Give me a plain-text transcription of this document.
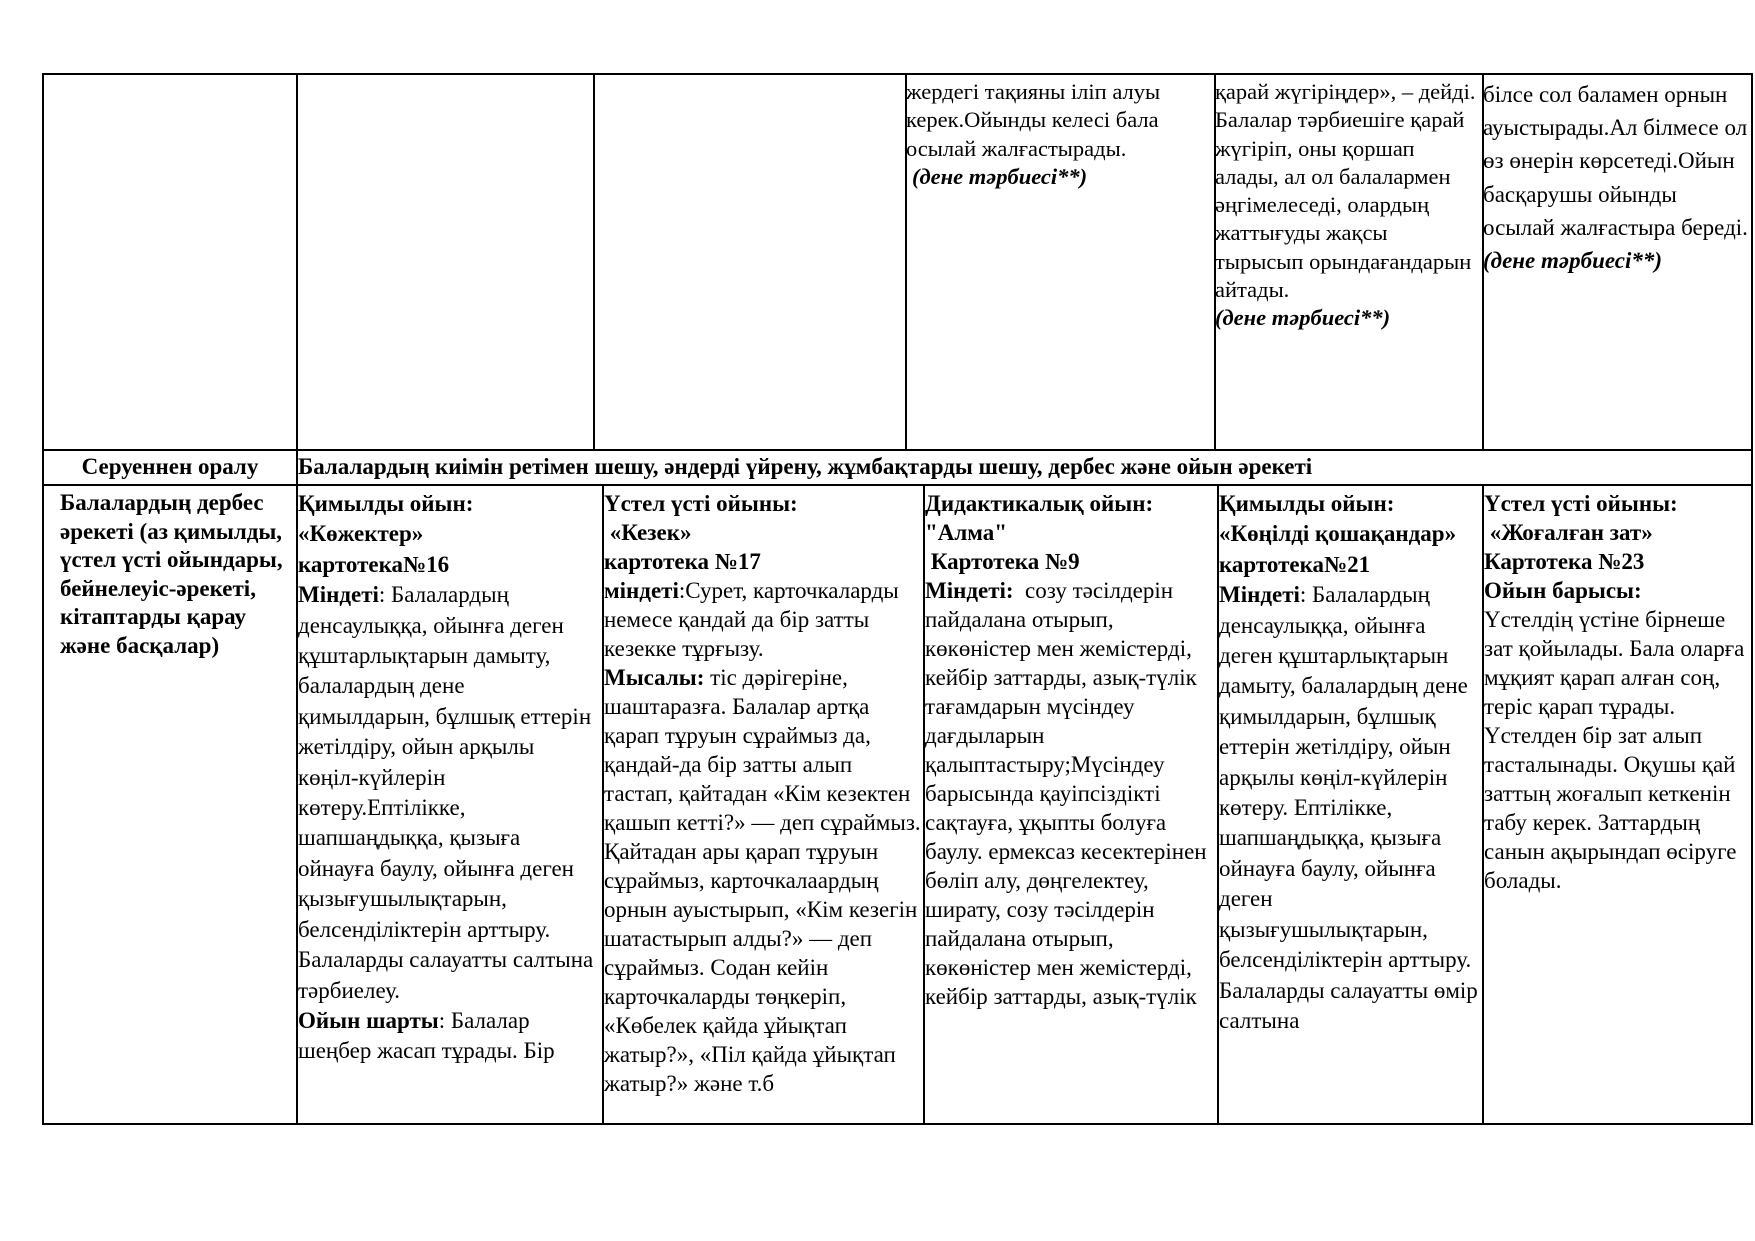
жердегі тақияны іліп алуы керек.Ойынды келесі бала осылай жалғастырады.

(дене тәрбиесі**)

қарай жүгіріңдер», – дейді. Балалар тәрбиешіге қарай жүгіріп, оны қоршап алады, ал ол балалармен әңгімелеседі, олардың жаттығуды жақсы тырысып орындағандарын айтады.

(дене тәрбиесі**)

білсе сол баламен орнын ауыстырады.Ал білмесе ол өз өнерін көрсетеді.Ойын басқарушы ойынды осылай жалғастыра береді.

(дене тәрбиесі**)

Серуеннен оралу	Балалардың киімін ретімен шешу, әндерді үйрену, жұмбақтарды шешу, дербес және ойын әрекеті
Балалардың дербес әрекеті (аз қимылды, үстел үсті ойындары, бейнелеуіс-әрекеті, кітаптарды қарау және басқалар)

Қимылды ойын:

«Көжектер»

картотека№16

Міндеті: Балалардың денсаулыққа, ойынға деген құштарлықтарын дамыту, балалардың дене қимылдарын, бұлшық еттерін жетілдіру, ойын арқылы көңіл-күйлерін көтеру.Ептілікке, шапшаңдыққа, қызыға ойнауға баулу, ойынға деген қызығушылықтарын, белсенділіктерін арттыру. Балаларды салауатты салтына тәрбиелеу.

Ойын шарты: Балалар шеңбер жасап тұрады. Бір

Үстел үсті ойыны:

«Кезек»

картотека №17

міндеті:Сурет, карточкаларды немесе қандай да бір затты кезекке тұрғызу.

Мысалы: тіс дәрігеріне, шаштаразға. Балалар артқа қарап тұруын сұраймыз да, қандай-да бір затты алып тастап, қайтадан «Кім кезектен қашып кетті?» — деп сұраймыз.

Қайтадан ары қарап тұруын сұраймыз, карточкалаардың орнын ауыстырып, «Кім кезегін шатастырып алды?» — деп сұраймыз. Содан кейін карточкаларды төңкеріп, «Көбелек қайда ұйықтап жатыр?», «Піл қайда ұйықтап жатыр?» және т.б

Дидактикалық ойын:

"Алма"

Картотека №9

Міндеті:  созу тәсілдерін пайдалана отырып, көкөністер мен жемістерді, кейбір заттарды, азық-түлік тағамдарын мүсіндеу дағдыларын қалыптастыру;Мүсіндеу барысында қауіпсіздікті сақтауға, ұқыпты болуға баулу. ермексаз кесектерінен бөліп алу, дөңгелектеу, ширату, созу тәсілдерін пайдалана отырып, көкөністер мен жемістерді, кейбір заттарды, азық-түлік

Қимылды ойын:

«Көңілді қошақандар»

картотека№21

Міндеті: Балалардың денсаулыққа, ойынға деген құштарлықтарын дамыту, балалардың дене қимылдарын, бұлшық еттерін жетілдіру, ойын арқылы көңіл-күйлерін көтеру. Ептілікке, шапшаңдыққа, қызыға ойнауға баулу, ойынға деген қызығушылықтарын, белсенділіктерін арттыру. Балаларды салауатты өмір салтына

Үстел үсті ойыны:

«Жоғалған зат»

Картотека №23

Ойын барысы:

Үстелдің үстіне бірнеше зат қойылады. Бала оларға мұқият қарап алған соң, теріс қарап тұрады. Үстелден бір зат алып тасталынады. Оқушы қай заттың жоғалып кеткенін табу керек. Заттардың санын ақырындап өсіруге болады.
